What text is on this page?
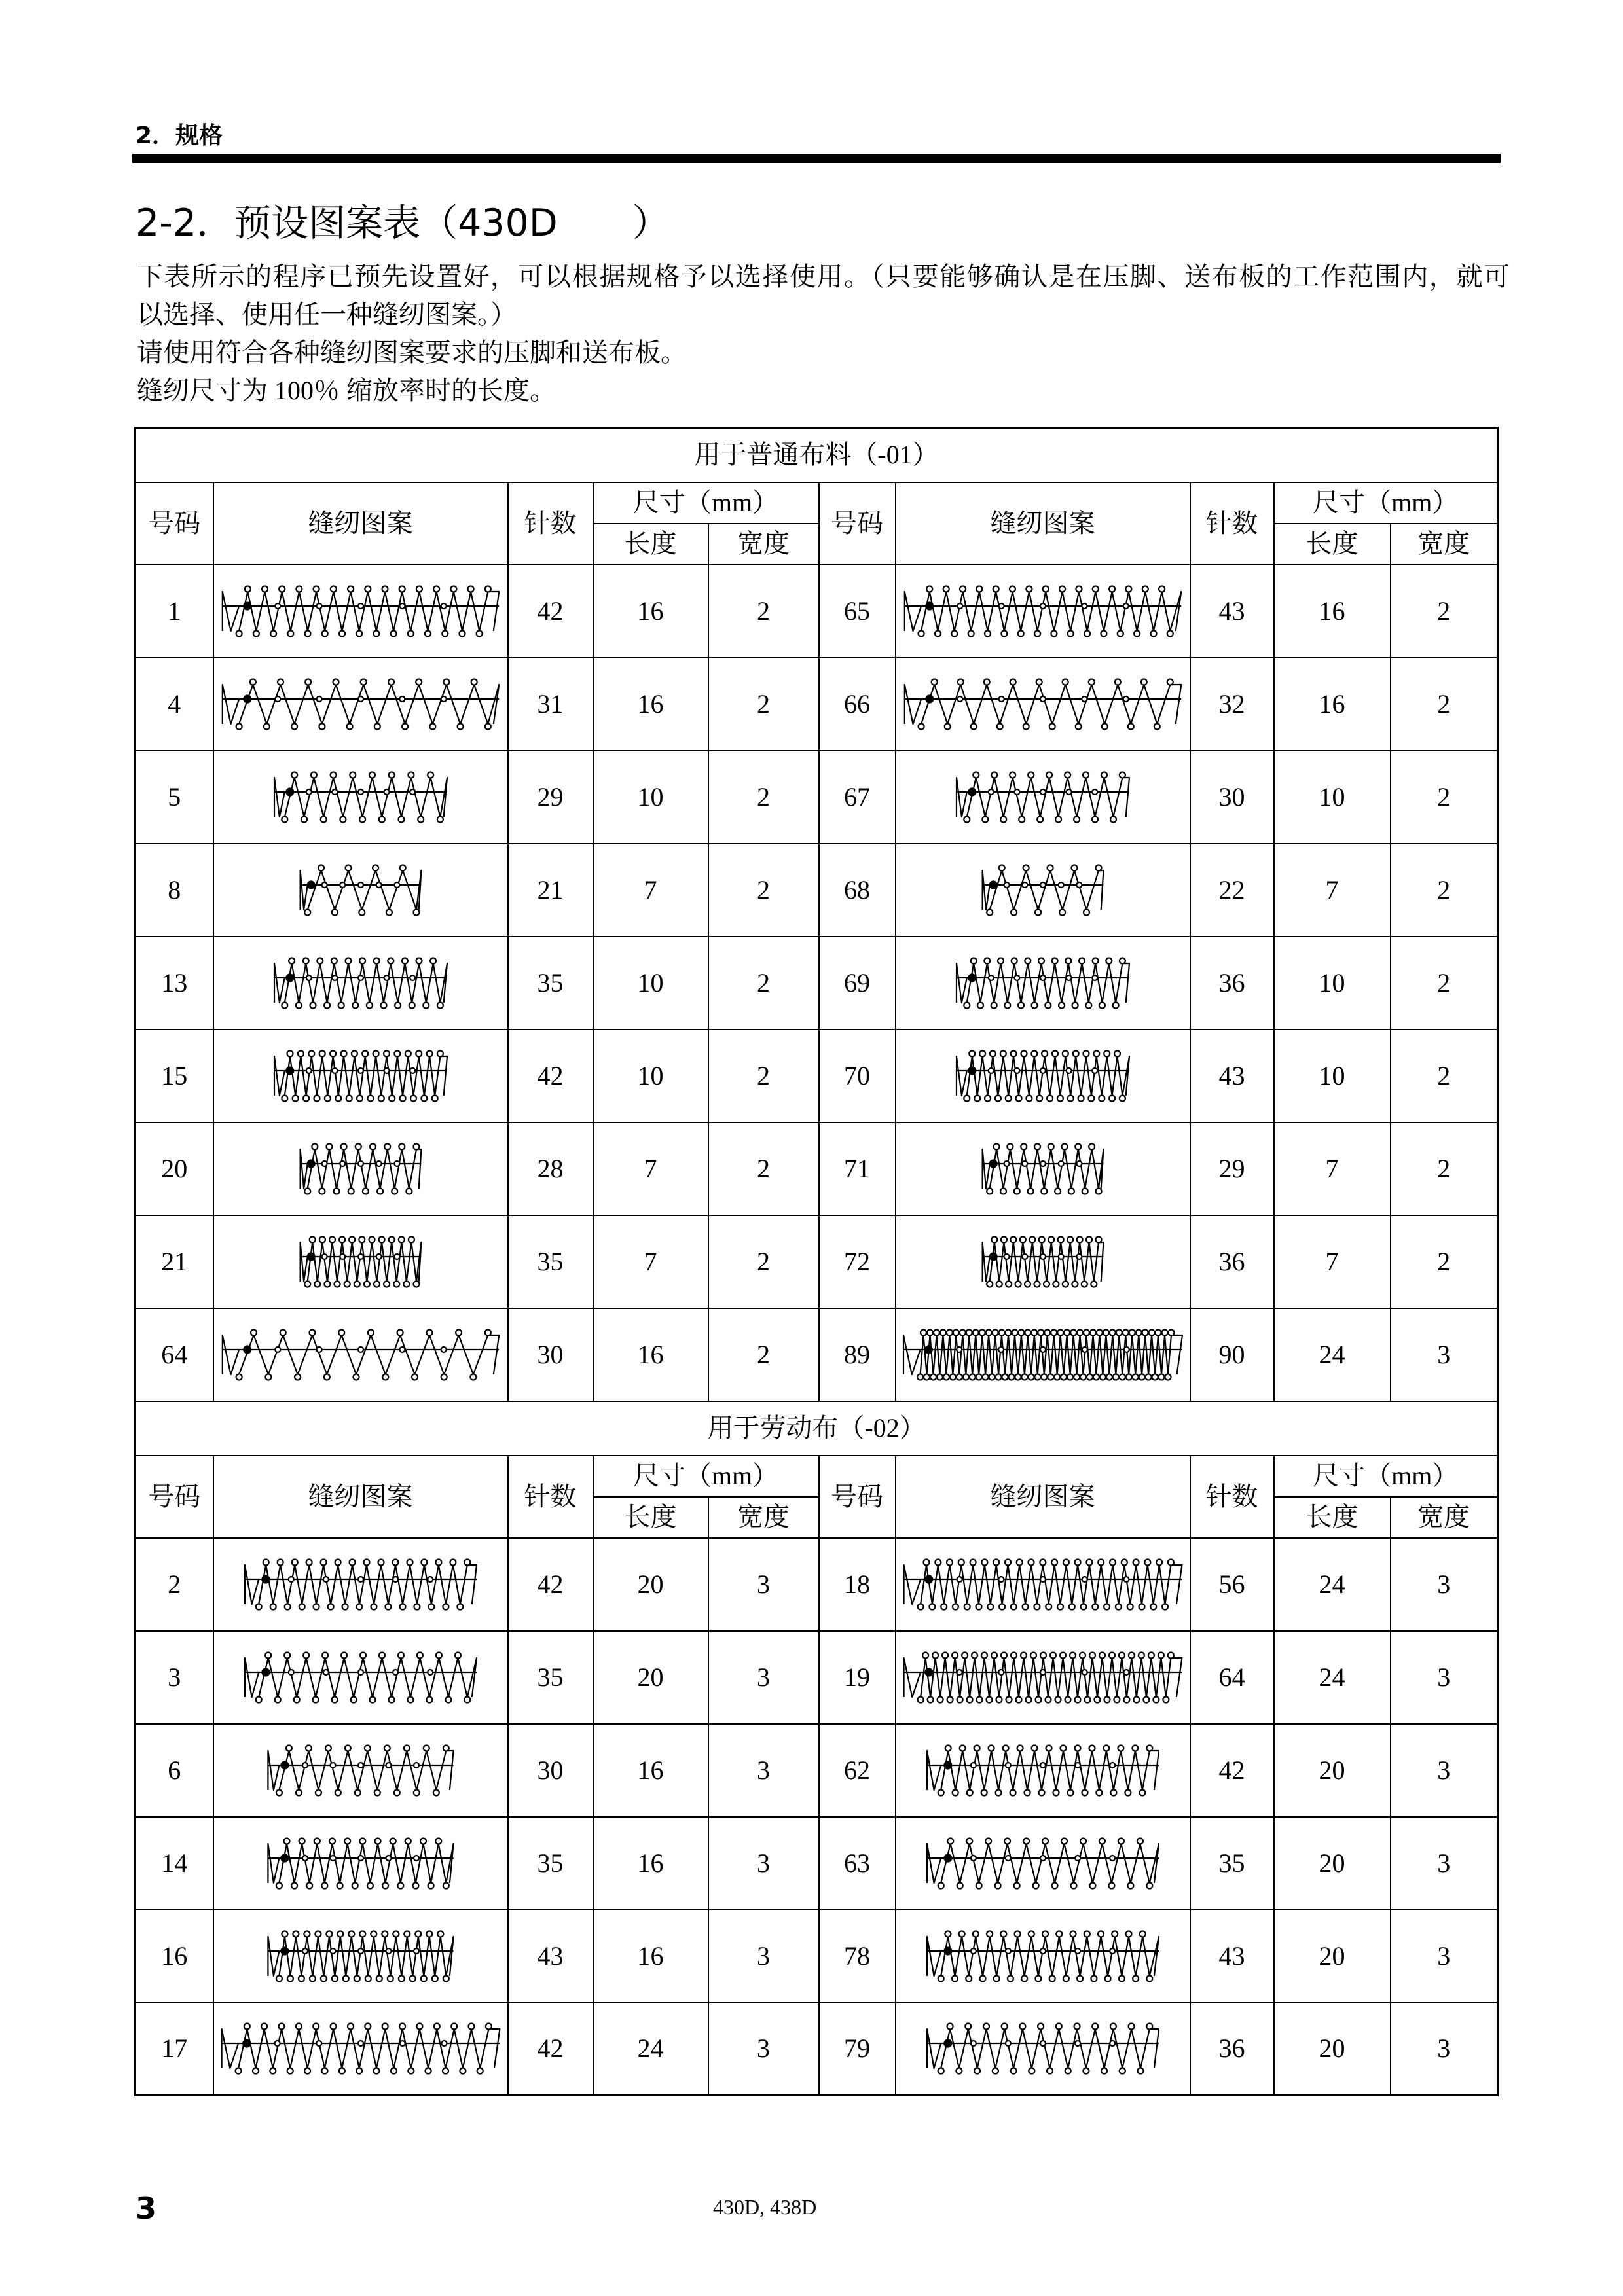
2．规格
2-2．预设图案表（430D　　）
下表所示的程序已预先设置好，可以根据规格予以选择使用。（只要能够确认是在压脚、送布板的工作范围内，就可
以选择、使用任一种缝纫图案。）
请使用符合各种缝纫图案要求的压脚和送布板。
缝纫尺寸为 100％ 缩放率时的长度。
用于普通布料（-01）									
号码	缝纫图案	针数	尺寸（mm）		号码	缝纫图案	针数	尺寸（mm）	
			长度	宽度				长度	宽度
1		42	16	2	65		43	16	2
4		31	16	2	66		32	16	2
5		29	10	2	67		30	10	2
8		21	7	2	68		22	7	2
13		35	10	2	69		36	10	2
15		42	10	2	70		43	10	2
20		28	7	2	71		29	7	2
21		35	7	2	72		36	7	2
64		30	16	2	89		90	24	3
用于劳动布（-02）									
号码	缝纫图案	针数	尺寸（mm）		号码	缝纫图案	针数	尺寸（mm）	
			长度	宽度				长度	宽度
2		42	20	3	18		56	24	3
3		35	20	3	19		64	24	3
6		30	16	3	62		42	20	3
14		35	16	3	63		35	20	3
16		43	16	3	78		43	20	3
17		42	24	3	79		36	20	3
3	430D, 438D
